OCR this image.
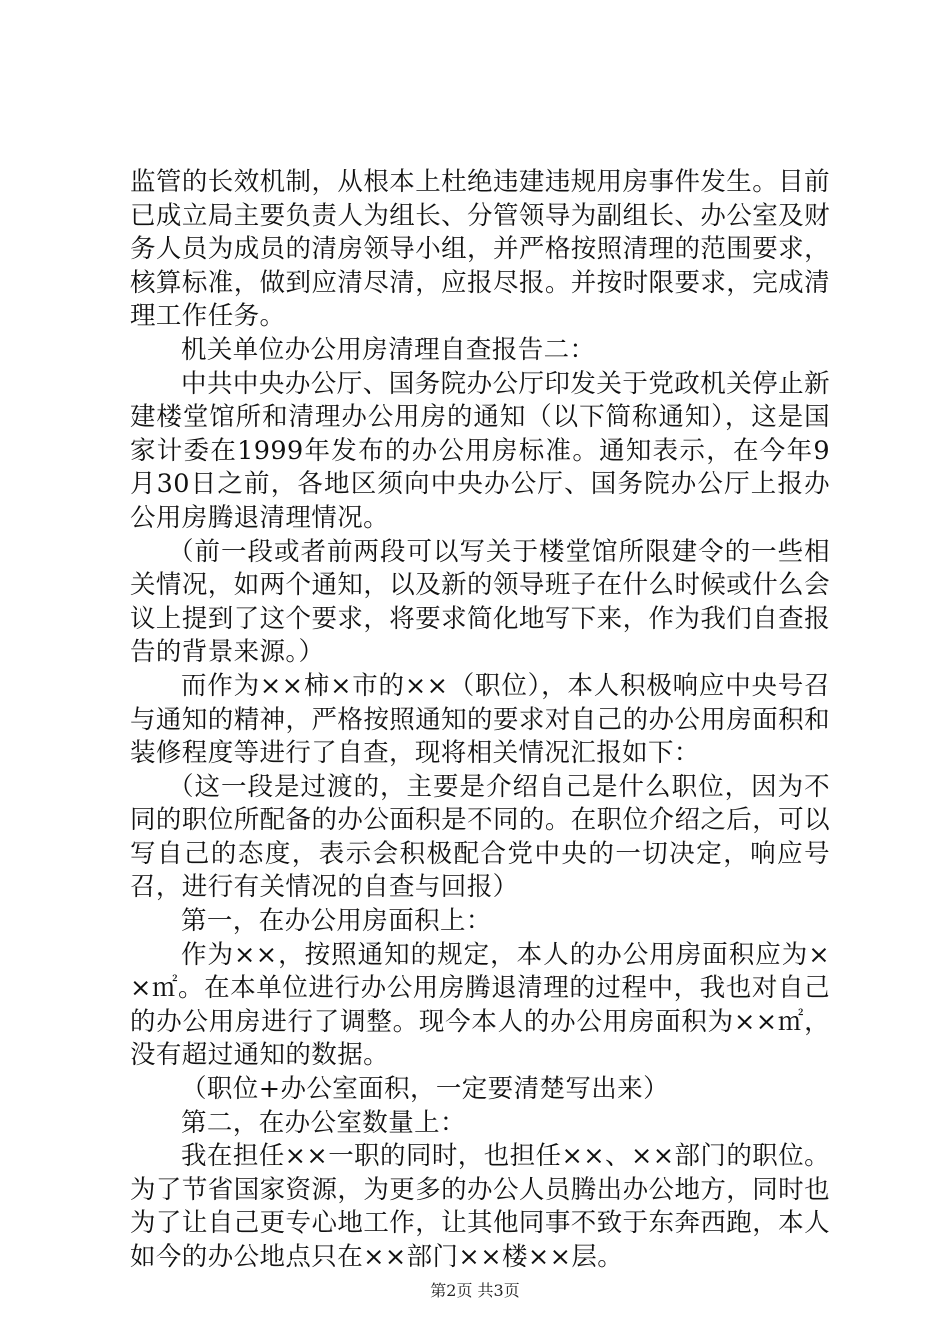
监管的长效机制，从根本上杜绝违建违规用房事件发生。目前已成立局主要负责人为组长、分管领导为副组长、办公室及财务人员为成员的清房领导小组，并严格按照清理的范围要求，核算标准，做到应清尽清，应报尽报。并按时限要求，完成清理工作任务。

机关单位办公用房清理自查报告二：

中共中央办公厅、国务院办公厅印发关于党政机关停止新建楼堂馆所和清理办公用房的通知（以下简称通知），这是国家计委在1999年发布的办公用房标准。通知表示，在今年9月30日之前，各地区须向中央办公厅、国务院办公厅上报办公用房腾退清理情况。

（前一段或者前两段可以写关于楼堂馆所限建令的一些相关情况，如两个通知，以及新的领导班子在什么时候或什么会议上提到了这个要求，将要求简化地写下来，作为我们自查报告的背景来源。）

而作为××柿×市的××（职位），本人积极响应中央号召与通知的精神，严格按照通知的要求对自己的办公用房面积和装修程度等进行了自查，现将相关情况汇报如下：

（这一段是过渡的，主要是介绍自己是什么职位，因为不同的职位所配备的办公面积是不同的。在职位介绍之后，可以写自己的态度，表示会积极配合党中央的一切决定，响应号召，进行有关情况的自查与回报）

第一，在办公用房面积上：

作为××，按照通知的规定，本人的办公用房面积应为××㎡。在本单位进行办公用房腾退清理的过程中，我也对自己的办公用房进行了调整。现今本人的办公用房面积为××㎡，没有超过通知的数据。

（职位+办公室面积，一定要清楚写出来）

第二，在办公室数量上：

我在担任××一职的同时，也担任××、××部门的职位。为了节省国家资源，为更多的办公人员腾出办公地方，同时也为了让自己更专心地工作，让其他同事不致于东奔西跑，本人如今的办公地点只在××部门××楼××层。

第2页 共3页
